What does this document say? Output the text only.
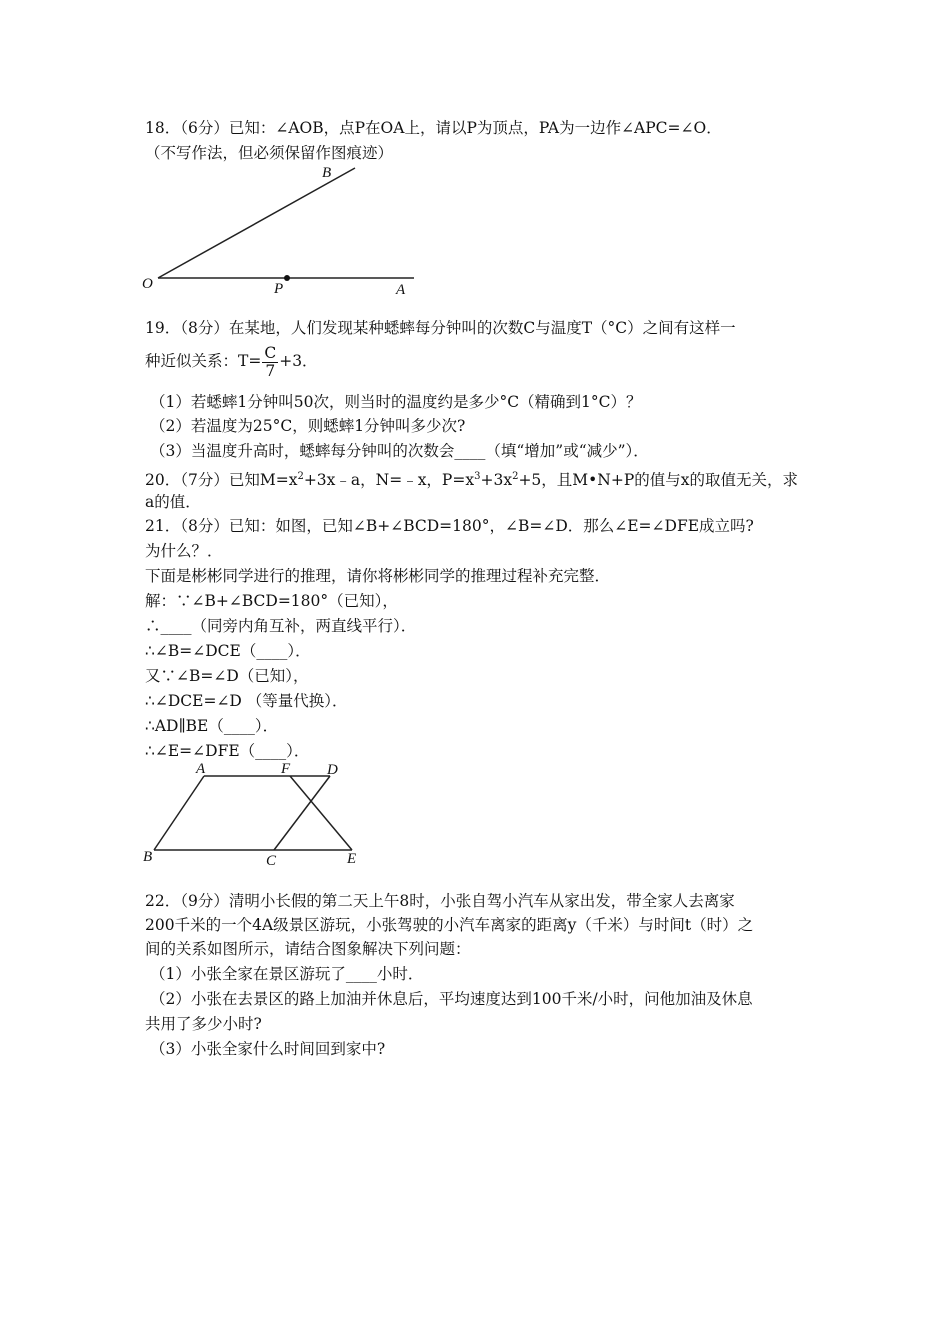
18．（6分）已知：∠AOB，点P在OA上，请以P为顶点，PA为一边作∠APC=∠O．
（不写作法，但必须保留作图痕迹）
O	P	A
B
19．（8分）在某地，人们发现某种蟋蟀每分钟叫的次数C与温度T（°C）之间有这样一
种近似关系：$T= \frac{C}{7} +3$．
（1）若蟋蟀1分钟叫50次，则当时的温度约是多少°C（精确到1°C）？
（2）若温度为25°C，则蟋蟀1分钟叫多少次?
（3）当温度升高时，蟋蟀每分钟叫的次数会____（填“增加”或“减少”）．
20．（7分）已知$M=x^2+3x﹣a$，N=﹣x，$P=x^3+3x^2+5$，且M•N+P的值与x的取值无关，求
a的值．
21．（8分）已知：如图，已知∠B+∠BCD=180°，∠B=∠D．那么∠E=∠DFE成立吗?
为什么？．
下面是彬彬同学进行的推理，请你将彬彬同学的推理过程补充完整．
解：∵∠B+∠BCD=180°（已知），
∴____（同旁内角互补，两直线平行）．
∴∠B=∠DCE（____）．
又∵∠B=∠D（已知），
∴∠DCE=∠D （等量代换）．
∴AD∥BE（____）．
∴∠E=∠DFE（____）．
A	F D
B	C	E
22．（9分）清明小长假的第二天上午8时，小张自驾小汽车从家出发，带全家人去离家
200千米的一个4A级景区游玩，小张驾驶的小汽车离家的距离y（千米）与时间t（时）之
间的关系如图所示，请结合图象解决下列问题：
（1）小张全家在景区游玩了____小时．
（2）小张在去景区的路上加油并休息后，平均速度达到100千米/小时，问他加油及休息
共用了多少小时?
（3）小张全家什么时间回到家中?
